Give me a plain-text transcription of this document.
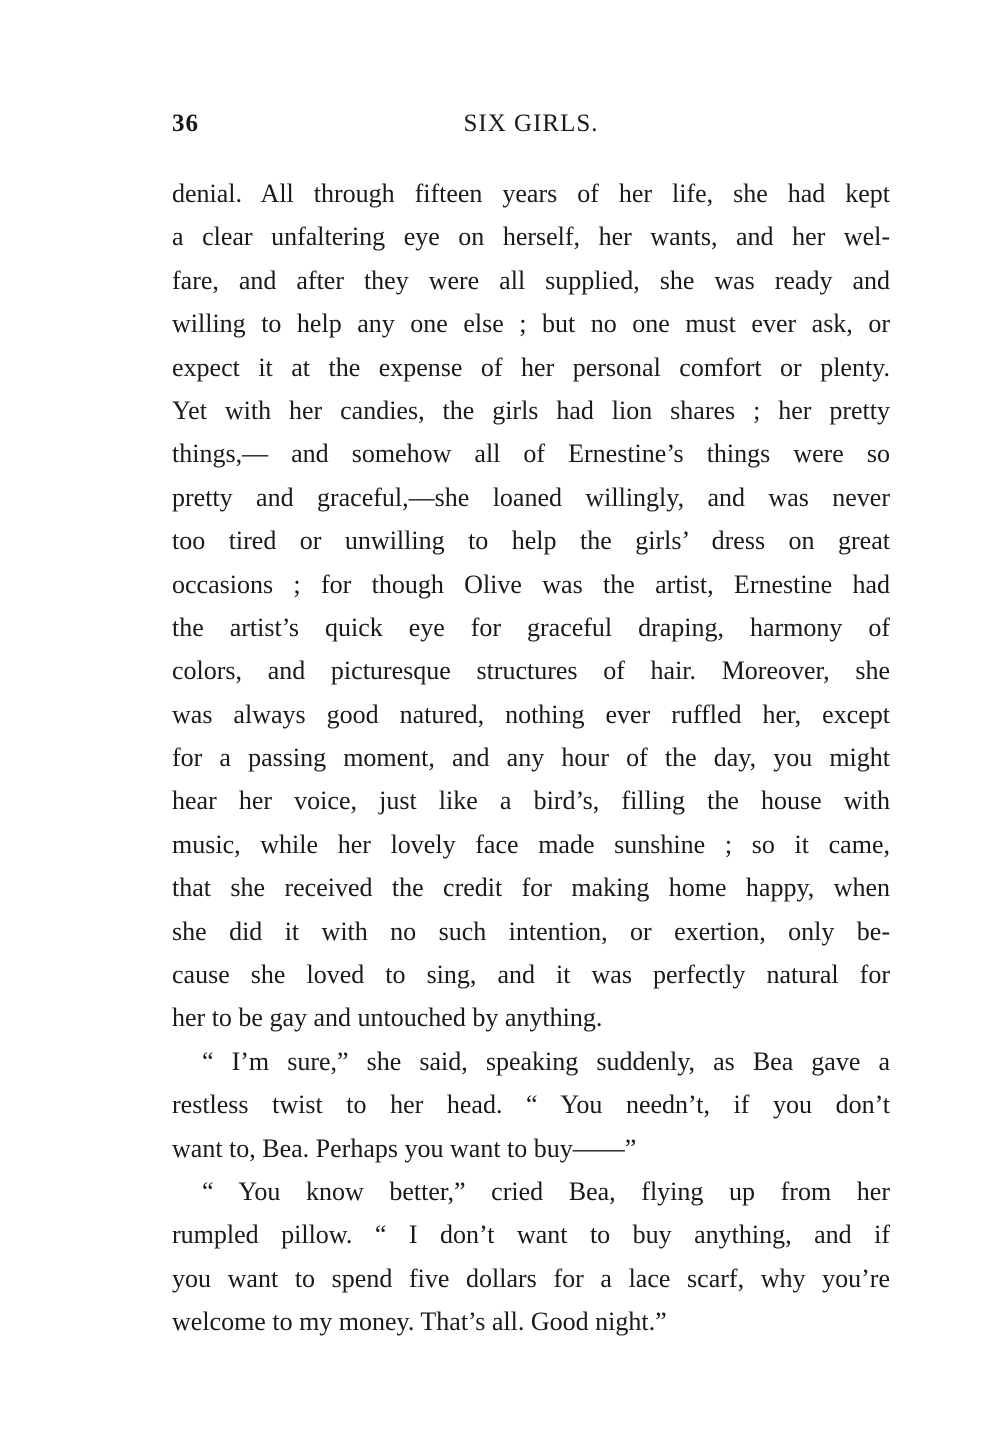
36	SIX GIRLS.
denial. All through fifteen years of her life, she had kept
a clear unfaltering eye on herself, her wants, and her wel-
fare, and after they were all supplied, she was ready and
willing to help any one else ; but no one must ever ask, or
expect it at the expense of her personal comfort or plenty.
Yet with her candies, the girls had lion shares ; her pretty
things,— and somehow all of Ernestine’s things were so
pretty and graceful,—she loaned willingly, and was never
too tired or unwilling to help the girls’ dress on great
occasions ; for though Olive was the artist, Ernestine had
the artist’s quick eye for graceful draping, harmony of
colors, and picturesque structures of hair. Moreover, she
was always good natured, nothing ever ruffled her, except
for a passing moment, and any hour of the day, you might
hear her voice, just like a bird’s, filling the house with
music, while her lovely face made sunshine ; so it came,
that she received the credit for making home happy, when
she did it with no such intention, or exertion, only be-
cause she loved to sing, and it was perfectly natural for
her to be gay and untouched by anything.
“ I’m sure,” she said, speaking suddenly, as Bea gave a
restless twist to her head. “ You needn’t, if you don’t
want to, Bea. Perhaps you want to buy——”
“ You know better,” cried Bea, flying up from her
rumpled pillow. “ I don’t want to buy anything, and if
you want to spend five dollars for a lace scarf, why you’re
welcome to my money. That’s all. Good night.”
